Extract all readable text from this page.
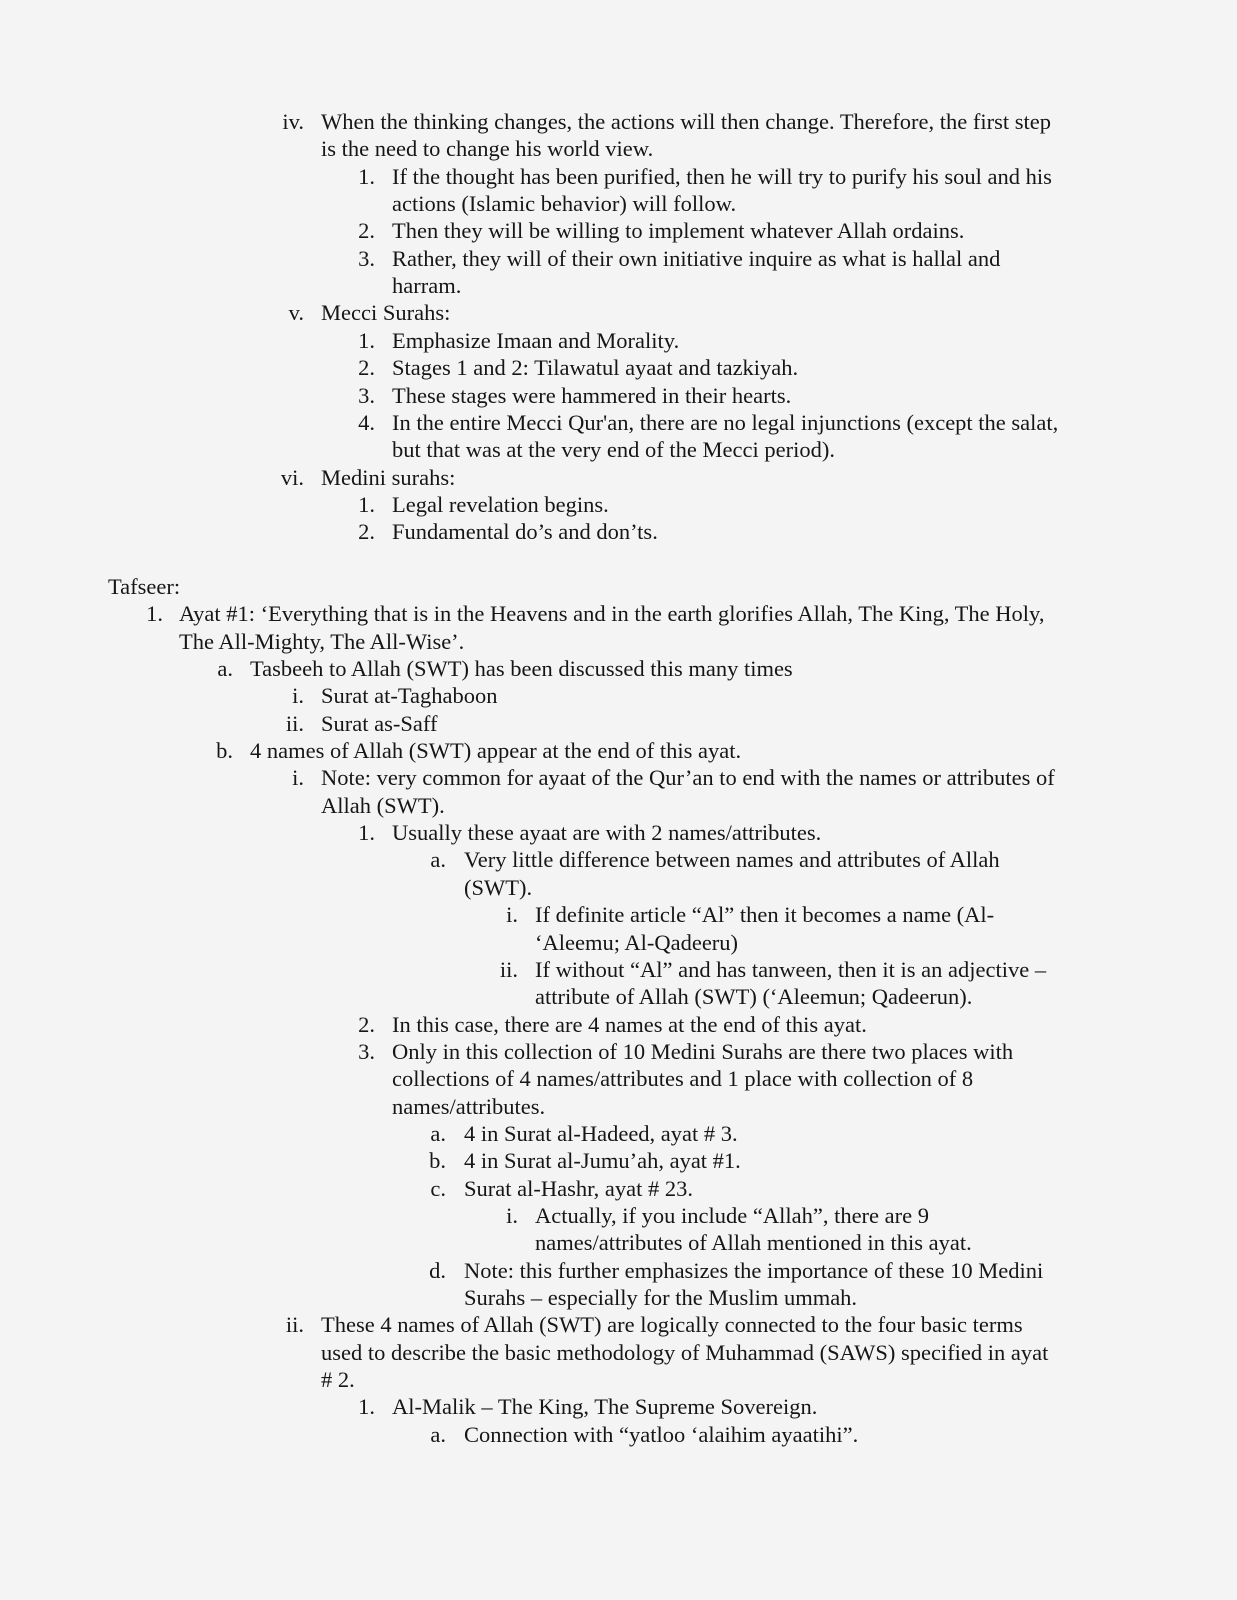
iv. When the thinking changes, the actions will then change. Therefore, the first step
is the need to change his world view.
1. If the thought has been purified, then he will try to purify his soul and his
actions (Islamic behavior) will follow.
2. Then they will be willing to implement whatever Allah ordains.
3. Rather, they will of their own initiative inquire as what is hallal and
harram.
v. Mecci Surahs:
1. Emphasize Imaan and Morality.
2. Stages 1 and 2: Tilawatul ayaat and tazkiyah.
3. These stages were hammered in their hearts.
4. In the entire Mecci Qur'an, there are no legal injunctions (except the salat,
but that was at the very end of the Mecci period).
vi. Medini surahs:
1. Legal revelation begins.
2. Fundamental do’s and don’ts.
Tafseer:
1. Ayat #1: ‘Everything that is in the Heavens and in the earth glorifies Allah, The King, The Holy,
The All-Mighty, The All-Wise’.
a. Tasbeeh to Allah (SWT) has been discussed this many times
i. Surat at-Taghaboon
ii. Surat as-Saff
b. 4 names of Allah (SWT) appear at the end of this ayat.
i. Note: very common for ayaat of the Qur’an to end with the names or attributes of
Allah (SWT).
1. Usually these ayaat are with 2 names/attributes.
a. Very little difference between names and attributes of Allah
(SWT).
i. If definite article “Al” then it becomes a name (Al-
‘Aleemu; Al-Qadeeru)
ii. If without “Al” and has tanween, then it is an adjective –
attribute of Allah (SWT) (‘Aleemun; Qadeerun).
2. In this case, there are 4 names at the end of this ayat.
3. Only in this collection of 10 Medini Surahs are there two places with
collections of 4 names/attributes and 1 place with collection of 8
names/attributes.
a. 4 in Surat al-Hadeed, ayat # 3.
b. 4 in Surat al-Jumu’ah, ayat #1.
c. Surat al-Hashr, ayat # 23.
i. Actually, if you include “Allah”, there are 9
names/attributes of Allah mentioned in this ayat.
d. Note: this further emphasizes the importance of these 10 Medini
Surahs – especially for the Muslim ummah.
ii. These 4 names of Allah (SWT) are logically connected to the four basic terms
used to describe the basic methodology of Muhammad (SAWS) specified in ayat
# 2.
1. Al-Malik – The King, The Supreme Sovereign.
a. Connection with “yatloo ‘alaihim ayaatihi”.
